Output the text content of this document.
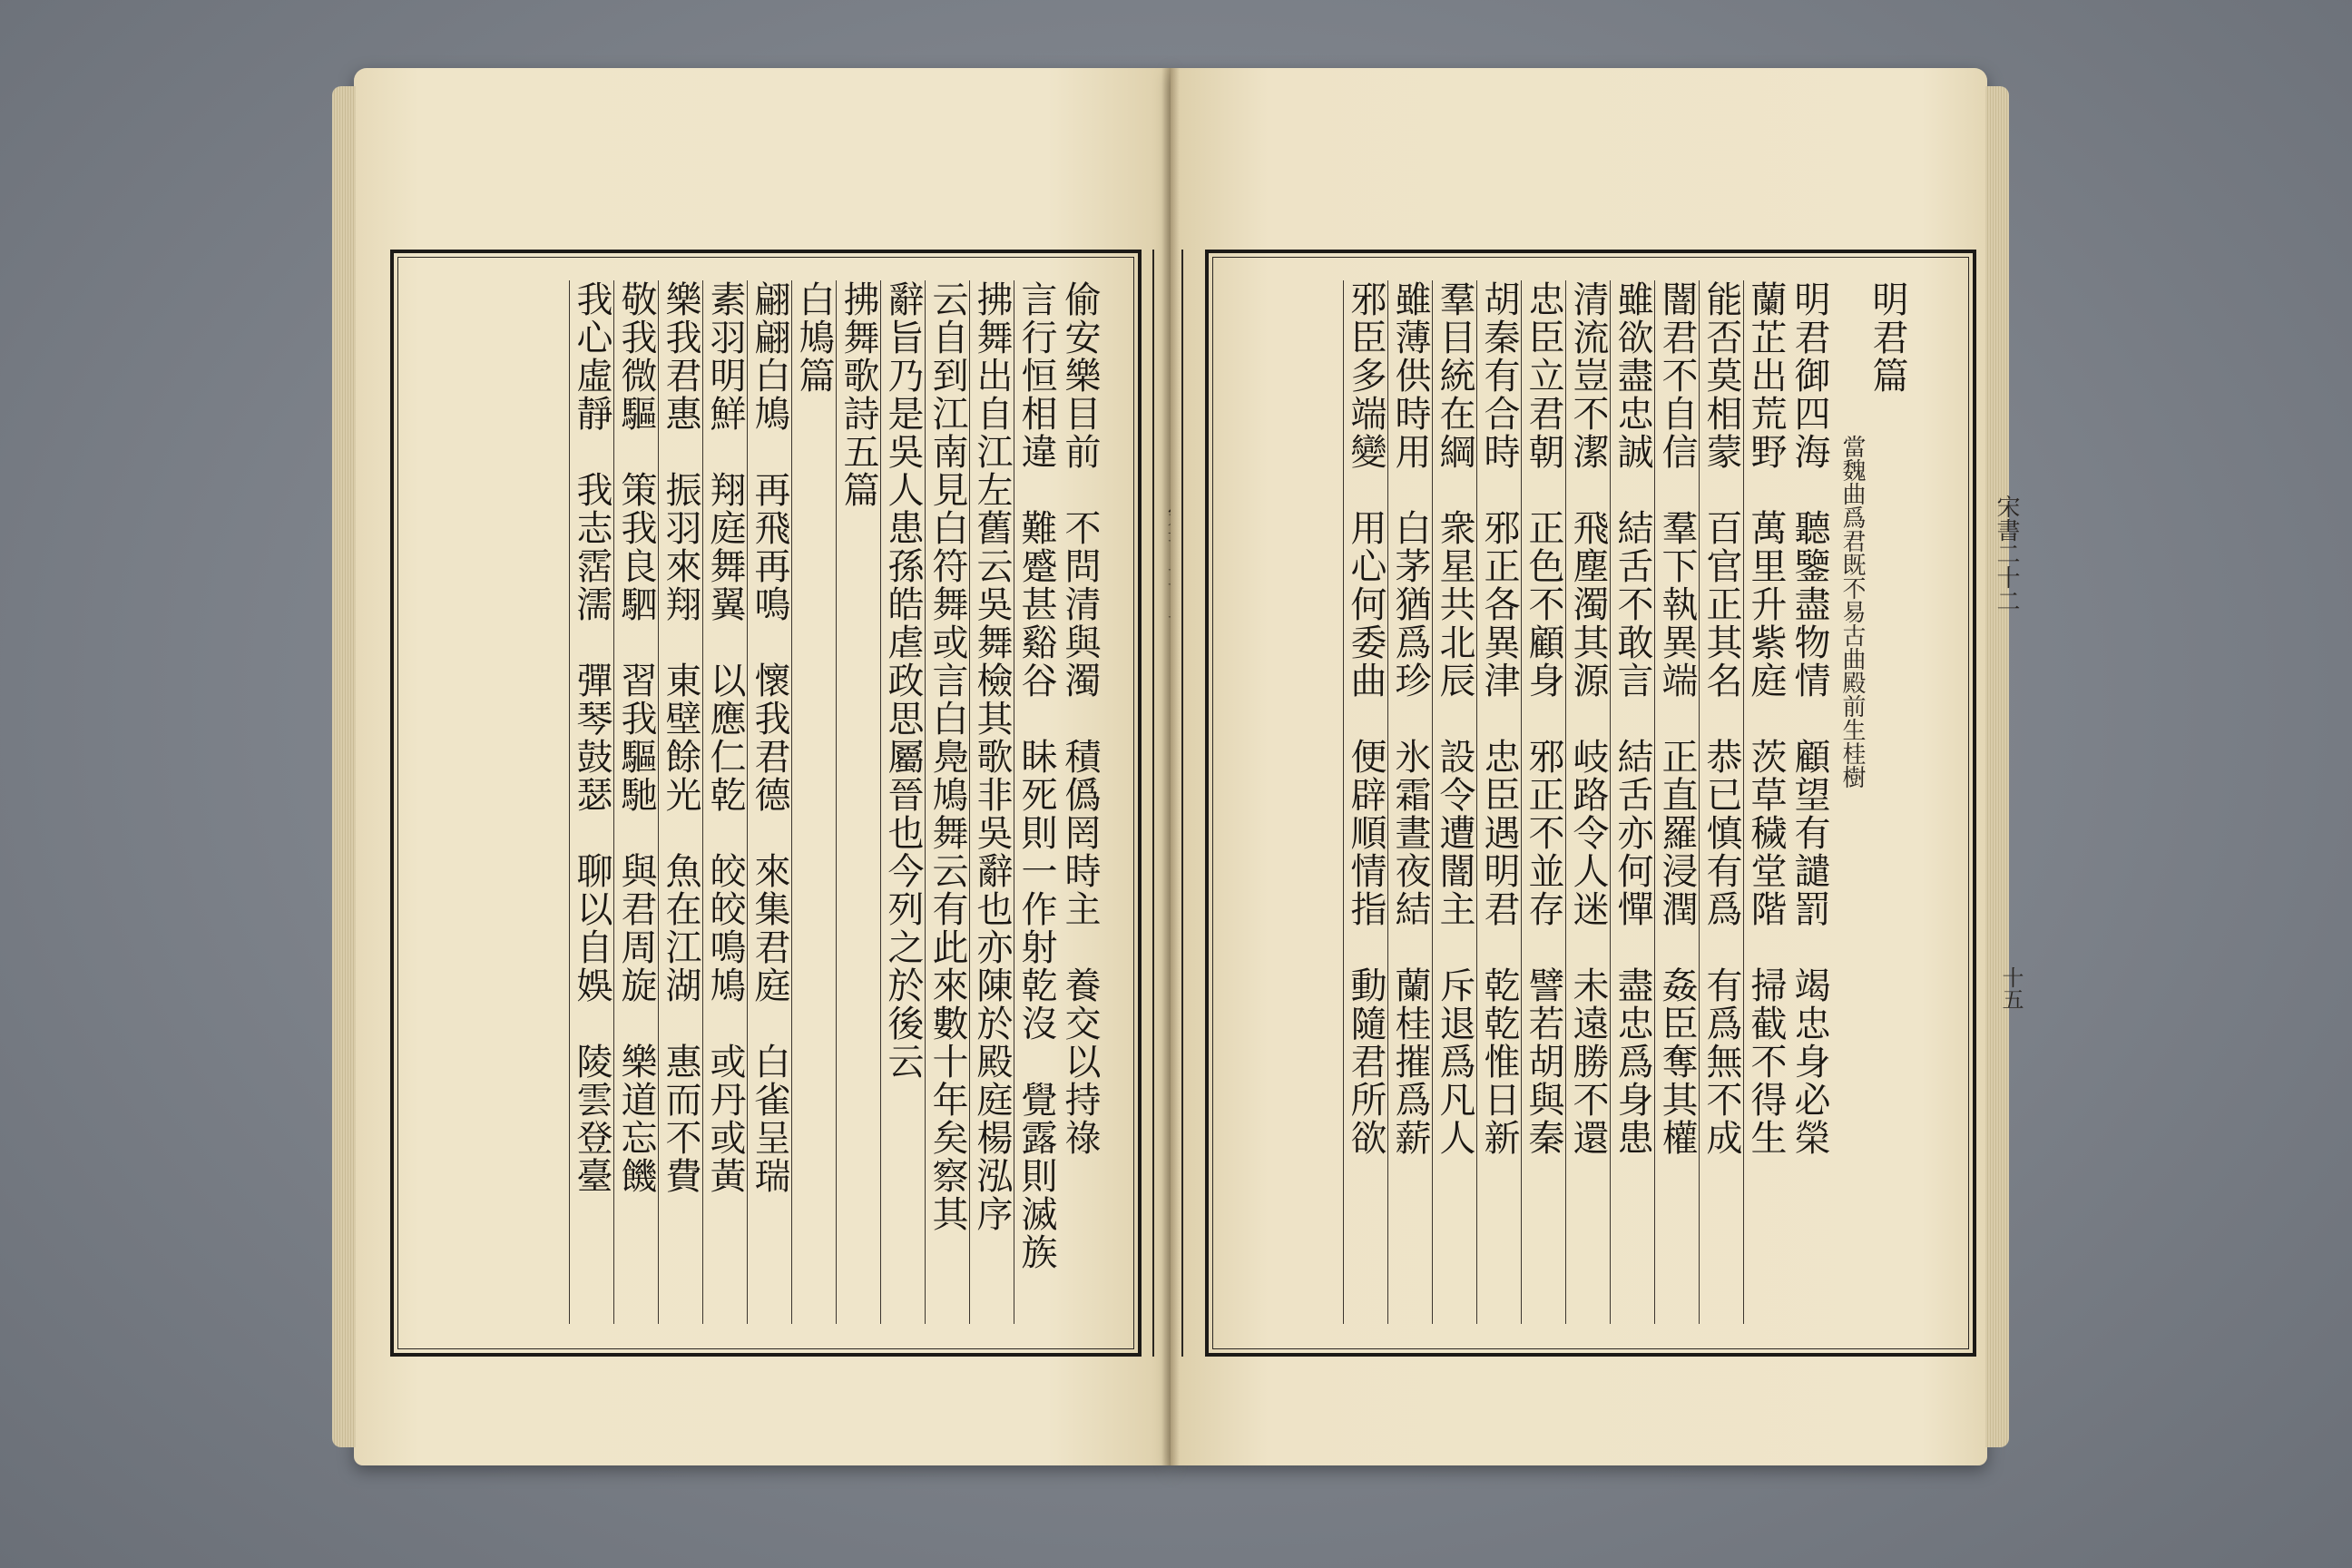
偷安樂目前　不問清與濁　積僞罔時主　養交以持祿
言行恒相違　難蹙甚谿谷　眛死則一作射乾沒　覺露則滅族
拂舞出自江左舊云吳舞檢其歌非吳辭也亦陳於殿庭楊泓序
云自到江南見白符舞或言白鳧鳩舞云有此來數十年矣察其
辭旨乃是吳人患孫皓虐政思屬晉也今列之於後云
拂舞歌詩五篇
白鳩篇
翩翩白鳩　再飛再鳴　懷我君德　來集君庭　白雀呈瑞
素羽明鮮　翔庭舞翼　以應仁乾　皎皎鳴鳩　或丹或黃
樂我君惠　振羽來翔　東壁餘光　魚在江湖　惠而不費
敬我微驅　策我良駟　習我驅馳　與君周旋　樂道忘饑
我心虛靜　我志霑濡　彈琴鼓瑟　聊以自娛　陵雲登臺	明君篇
當魏曲爲君既不易古曲殿前生桂樹
明君御四海　聽鑒盡物情　顧望有譴罰　竭忠身必榮
蘭芷出荒野　萬里升紫庭　茨草穢堂階　掃截不得生
能否莫相蒙　百官正其名　恭已慎有爲　有爲無不成
闇君不自信　羣下執異端　正直羅浸潤　姦臣奪其權
雖欲盡忠誠　結舌不敢言　結舌亦何憚　盡忠爲身患
清流豈不潔　飛塵濁其源　岐路令人迷　未遠勝不還
忠臣立君朝　正色不顧身　邪正不並存　譬若胡與秦
胡秦有合時　邪正各異津　忠臣遇明君　乾乾惟日新
羣目統在綱　衆星共北辰　設令遭闇主　斥退爲凡人
雖薄供時用　白茅猶爲珍　氷霜晝夜結　蘭桂摧爲薪
邪臣多端變　用心何委曲　便辟順情指　動隨君所欲	宋書二十二
十五
